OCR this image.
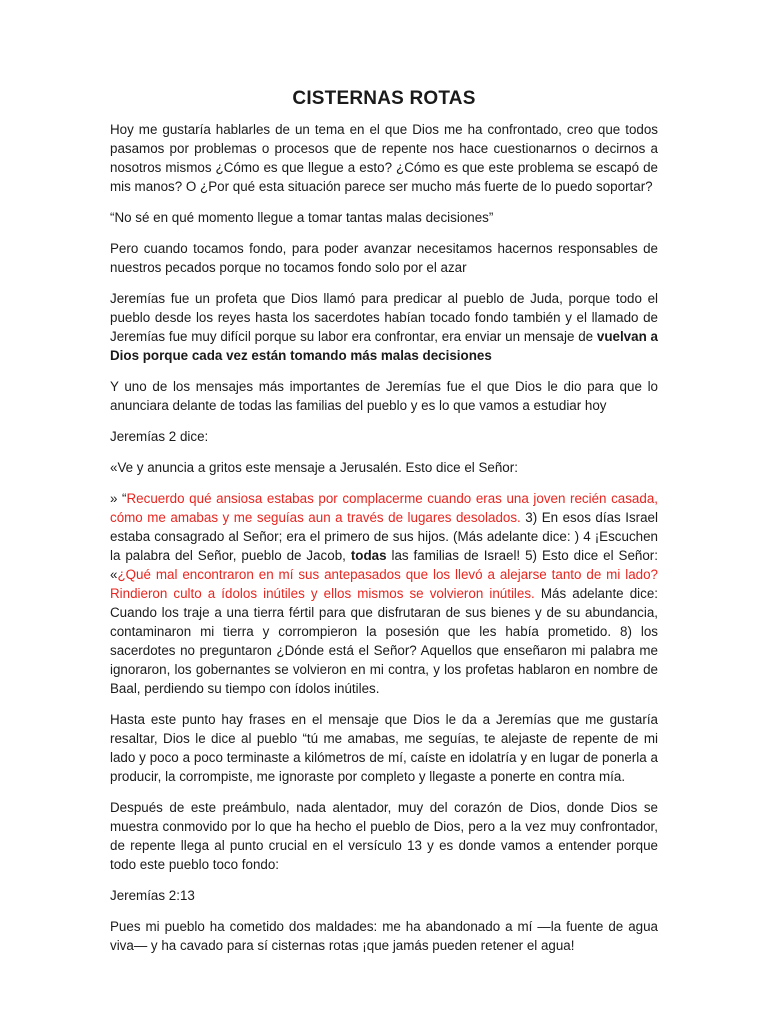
CISTERNAS ROTAS

Hoy me gustaría hablarles de un tema en el que Dios me ha confrontado, creo que todos pasamos por problemas o procesos que de repente nos hace cuestionarnos o decirnos a nosotros mismos ¿Cómo es que llegue a esto? ¿Cómo es que este problema se escapó de mis manos? O ¿Por qué esta situación parece ser mucho más fuerte de lo puedo soportar?

“No sé en qué momento llegue a tomar tantas malas decisiones”

Pero cuando tocamos fondo, para poder avanzar necesitamos hacernos responsables de nuestros pecados porque no tocamos fondo solo por el azar

Jeremías fue un profeta que Dios llamó para predicar al pueblo de Juda, porque todo el pueblo desde los reyes hasta los sacerdotes habían tocado fondo también y el llamado de Jeremías fue muy difícil porque su labor era confrontar, era enviar un mensaje de vuelvan a Dios porque cada vez están tomando más malas decisiones

Y uno de los mensajes más importantes de Jeremías fue el que Dios le dio para que lo anunciara delante de todas las familias del pueblo y es lo que vamos a estudiar hoy

Jeremías 2 dice:

«Ve y anuncia a gritos este mensaje a Jerusalén. Esto dice el Señor:

» “Recuerdo qué ansiosa estabas por complacerme cuando eras una joven recién casada, cómo me amabas y me seguías aun a través de lugares desolados. 3) En esos días Israel estaba consagrado al Señor; era el primero de sus hijos. (Más adelante dice: ) 4 ¡Escuchen la palabra del Señor, pueblo de Jacob, todas las familias de Israel! 5) Esto dice el Señor: «¿Qué mal encontraron en mí sus antepasados que los llevó a alejarse tanto de mi lado? Rindieron culto a ídolos inútiles y ellos mismos se volvieron inútiles. Más adelante dice: Cuando los traje a una tierra fértil para que disfrutaran de sus bienes y de su abundancia, contaminaron mi tierra y corrompieron la posesión que les había prometido. 8) los sacerdotes no preguntaron ¿Dónde está el Señor? Aquellos que enseñaron mi palabra me ignoraron, los gobernantes se volvieron en mi contra, y los profetas hablaron en nombre de Baal, perdiendo su tiempo con ídolos inútiles.

Hasta este punto hay frases en el mensaje que Dios le da a Jeremías que me gustaría resaltar, Dios le dice al pueblo “tú me amabas, me seguías, te alejaste de repente de mi lado y poco a poco terminaste a kilómetros de mí, caíste en idolatría y en lugar de ponerla a producir, la corrompiste, me ignoraste por completo y llegaste a ponerte en contra mía.

Después de este preámbulo, nada alentador, muy del corazón de Dios, donde Dios se muestra conmovido por lo que ha hecho el pueblo de Dios, pero a la vez muy confrontador, de repente llega al punto crucial en el versículo 13 y es donde vamos a entender porque todo este pueblo toco fondo:

Jeremías 2:13

Pues mi pueblo ha cometido dos maldades: me ha abandonado a mí —la fuente de agua viva— y ha cavado para sí cisternas rotas ¡que jamás pueden retener el agua!
